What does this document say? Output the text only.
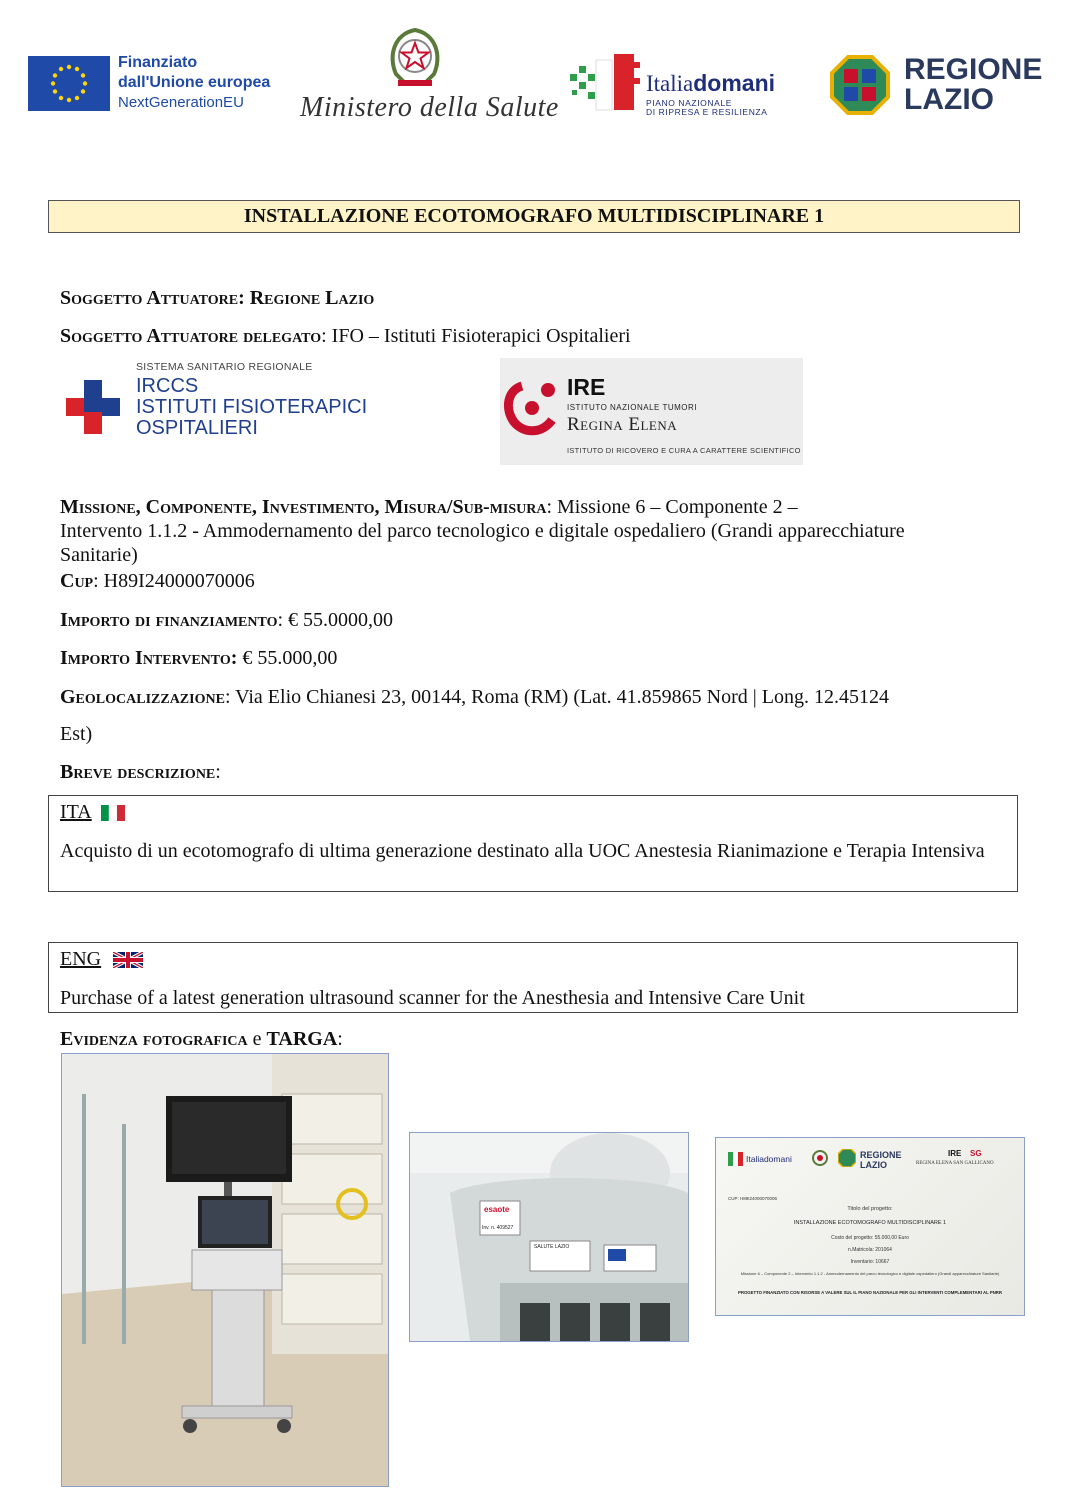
Finanziato
dall'Unione europea
NextGenerationEU	Ministero della Salute
Italiadomani
PIANO NAZIONALE
DI RIPRESA E RESILIENZA
REGIONE
LAZIO
INSTALLAZIONE ECOTOMOGRAFO MULTIDISCIPLINARE 1
Soggetto Attuatore: Regione Lazio
Soggetto Attuatore delegato: IFO – Istituti Fisioterapici Ospitalieri
SISTEMA SANITARIO REGIONALE
IRCCS
ISTITUTI FISIOTERAPICI
OSPITALIERI
IRE
ISTITUTO NAZIONALE TUMORI
Regina Elena
ISTITUTO DI RICOVERO E CURA A CARATTERE SCIENTIFICO
Missione, Componente, Investimento, Misura/Sub-misura: Missione 6 – Componente 2 –
Intervento 1.1.2 - Ammodernamento del parco tecnologico e digitale ospedaliero (Grandi apparecchiature
Sanitarie)
Cup: H89I24000070006
Importo di finanziamento: € 55.0000,00
Importo Intervento: € 55.000,00
Geolocalizzazione: Via Elio Chianesi 23, 00144, Roma (RM) (Lat. 41.859865 Nord | Long. 12.45124
Est)
Breve descrizione:
ITA
Acquisto di un ecotomografo di ultima generazione destinato alla UOC Anestesia Rianimazione e Terapia Intensiva
ENG
Purchase of a latest generation ultrasound scanner for the Anesthesia and Intensive Care Unit
Evidenza fotografica e TARGA:
esaote
SALUTE LAZIO
Inv. n. 409527
Italiadomani	REGIONE LAZIO
IRE SG
REGINA ELENA SAN GALLICANO
CUP: H89I24000070006
Titolo del progetto:
INSTALLAZIONE ECOTOMOGRAFO MULTIDISCIPLINARE 1
Costo del progetto: 55.000,00 Euro
n.Matricola: 201064
Inventario: 10667
Missione 6 – Componente 2 – Intervento 1.1.2 - Ammodernamento del parco tecnologico e digitale ospedaliero (Grandi apparecchiature Sanitarie)
PROGETTO FINANZIATO CON RISORSE A VALERE SUL IL PIANO NAZIONALE PER GLI INTERVENTI COMPLEMENTARI AL PNRR
